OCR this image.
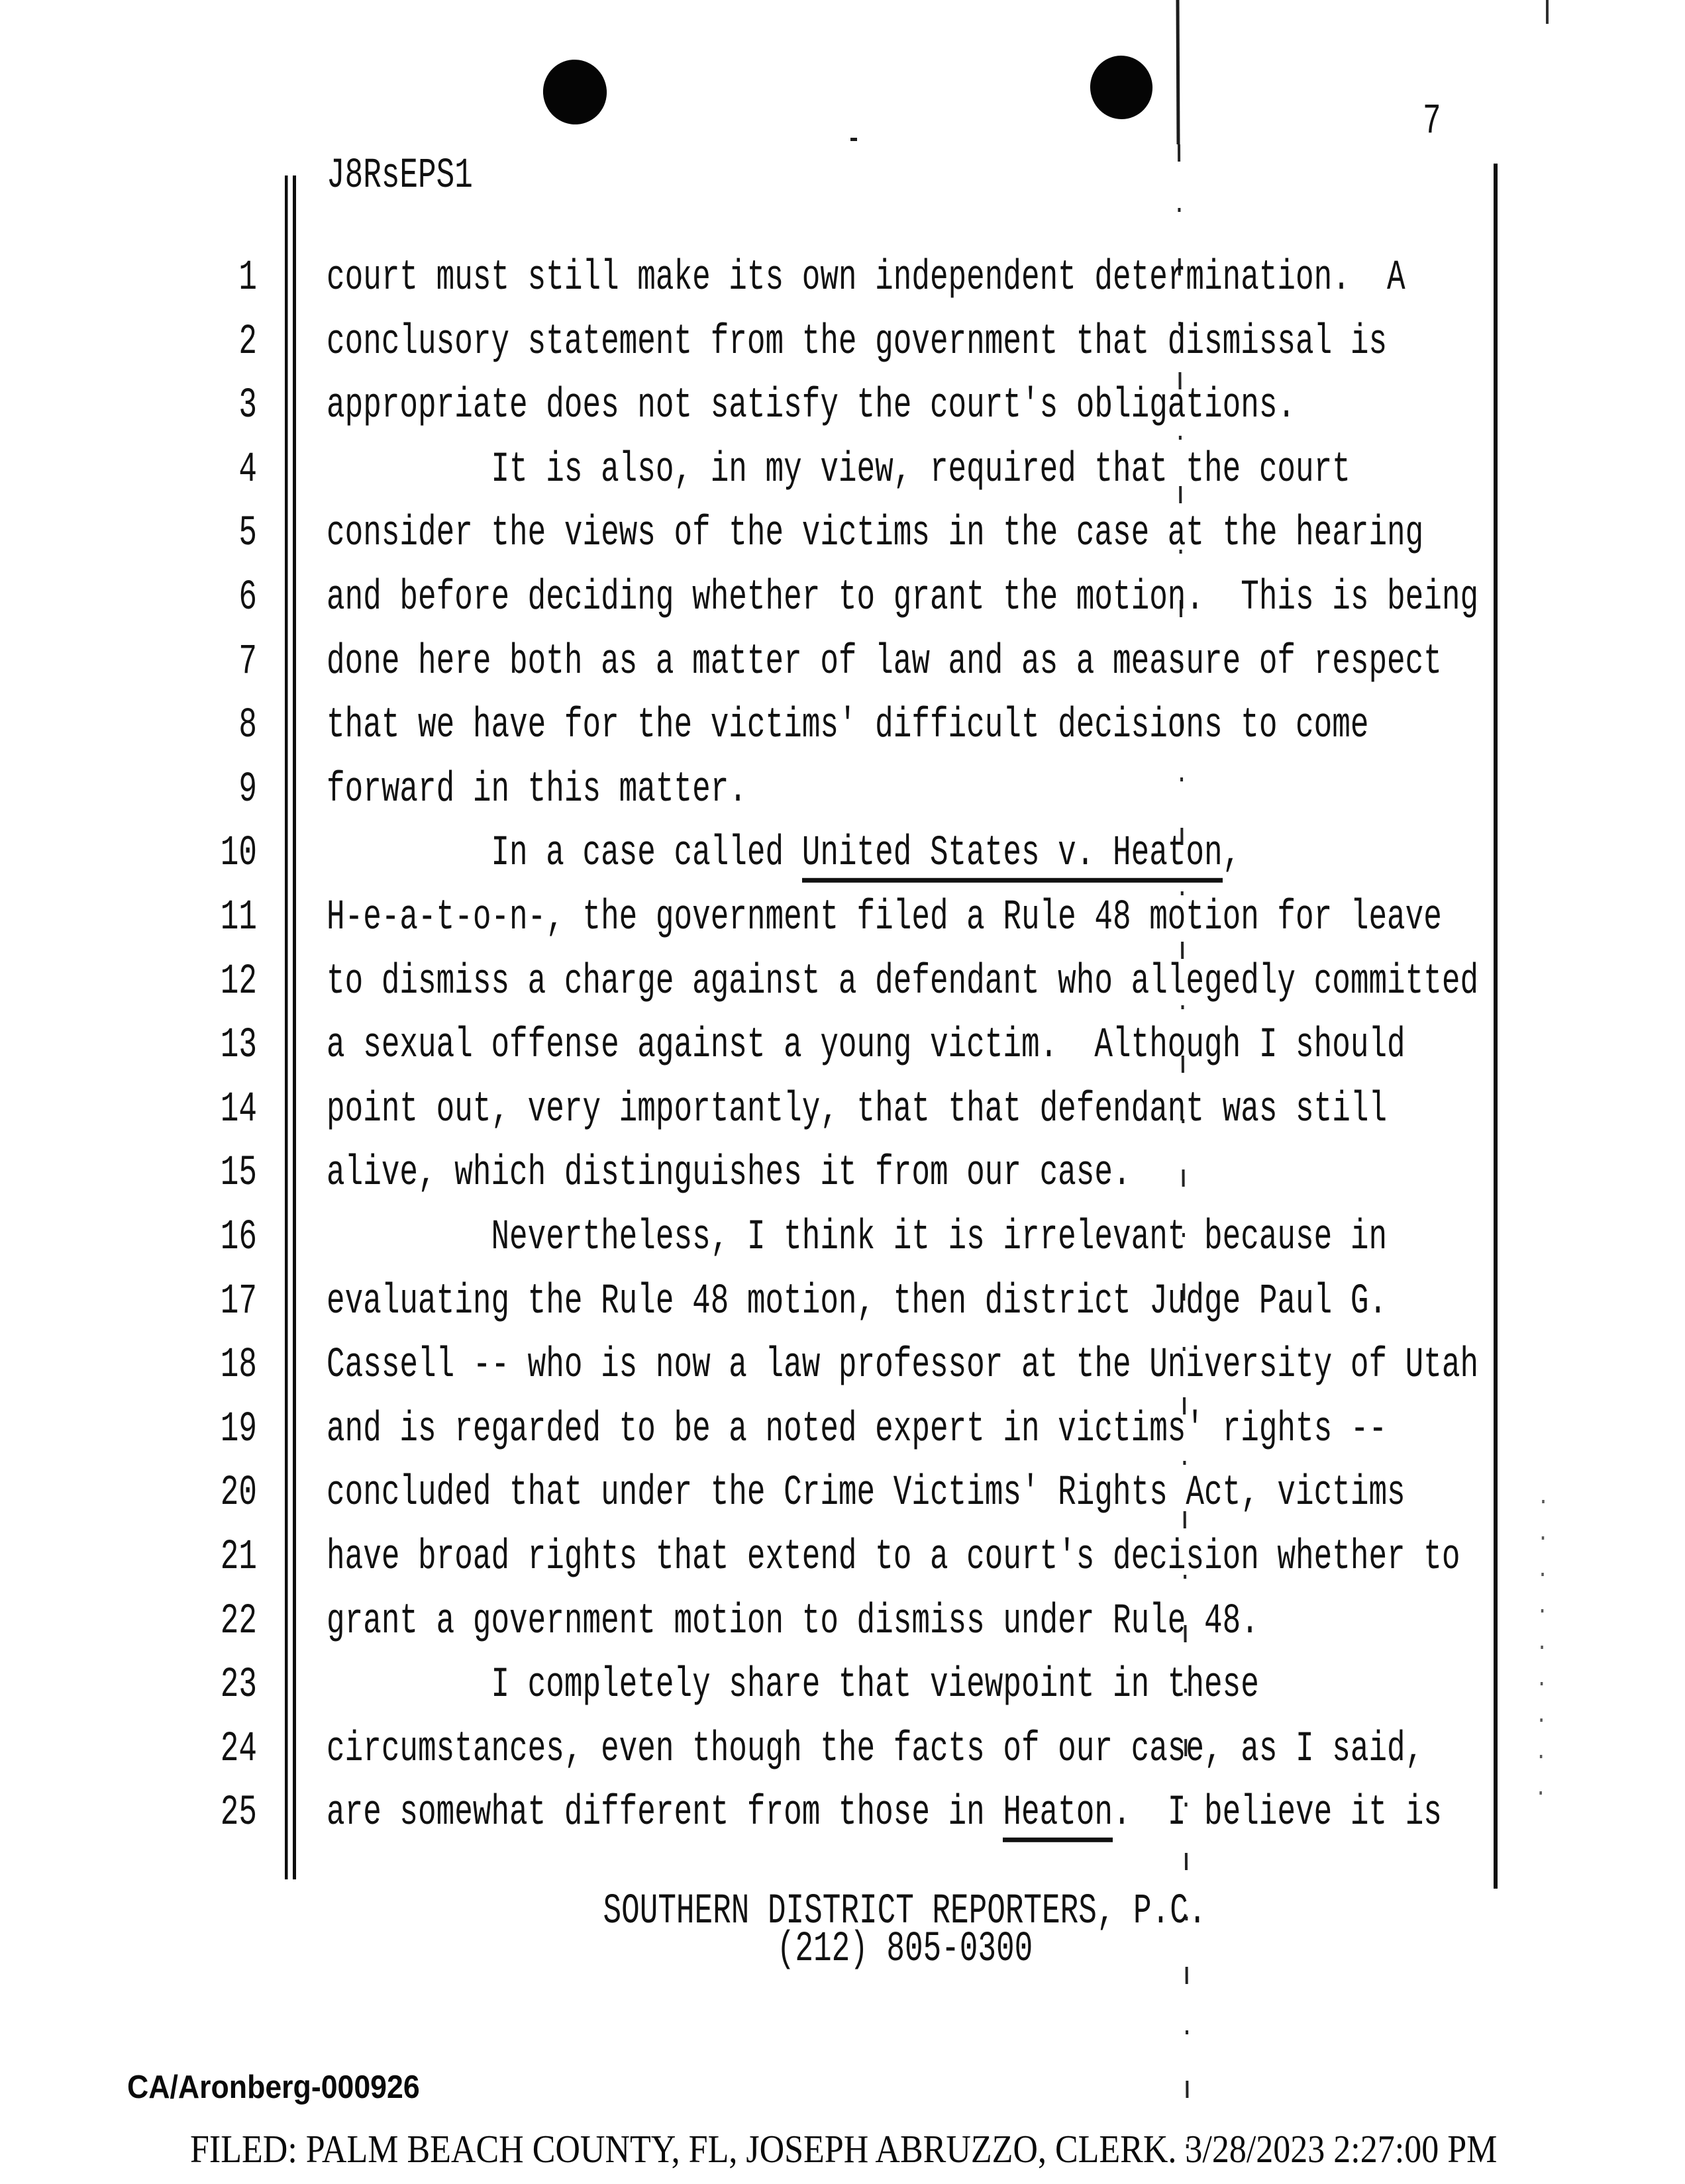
7
J8RsEPS1
1 court must still make its own independent determination.  A
2 conclusory statement from the government that dismissal is
3 appropriate does not satisfy the court's obligations.
4 It is also, in my view, required that the court
5 consider the views of the victims in the case at the hearing
6 and before deciding whether to grant the motion.  This is being
7 done here both as a matter of law and as a measure of respect
8 that we have for the victims' difficult decisions to come
9 forward in this matter.
10 In a case called United States v. Heaton,
11 H-e-a-t-o-n-, the government filed a Rule 48 motion for leave
12 to dismiss a charge against a defendant who allegedly committed
13 a sexual offense against a young victim.  Although I should
14 point out, very importantly, that that defendant was still
15 alive, which distinguishes it from our case.
16 Nevertheless, I think it is irrelevant because in
17 evaluating the Rule 48 motion, then district Judge Paul G.
18 Cassell -- who is now a law professor at the University of Utah
19 and is regarded to be a noted expert in victims' rights --
20 concluded that under the Crime Victims' Rights Act, victims
21 have broad rights that extend to a court's decision whether to
22 grant a government motion to dismiss under Rule 48.
23 I completely share that viewpoint in these
24 circumstances, even though the facts of our case, as I said,
25 are somewhat different from those in Heaton.  I believe it is
SOUTHERN DISTRICT REPORTERS, P.C.
(212) 805-0300
CA/Aronberg-000926
FILED: PALM BEACH COUNTY, FL, JOSEPH ABRUZZO, CLERK. 3/28/2023 2:27:00 PM
